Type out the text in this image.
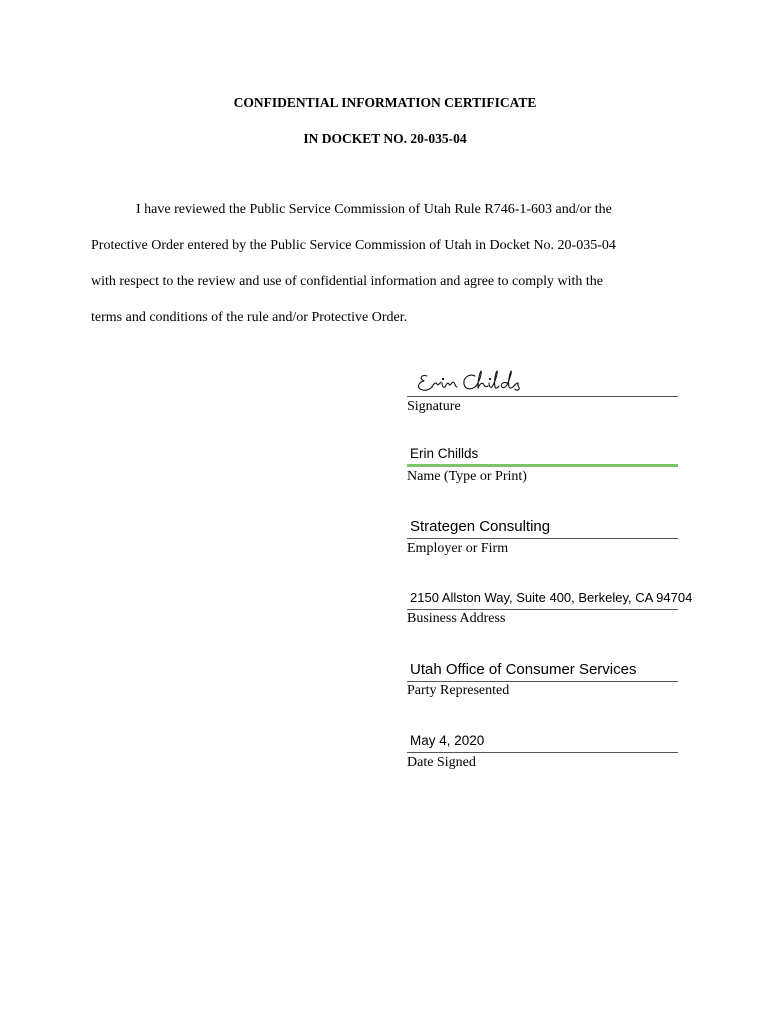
CONFIDENTIAL INFORMATION CERTIFICATE
IN DOCKET NO. 20-035-04
I have reviewed the Public Service Commission of Utah Rule R746-1-603 and/or the
Protective Order entered by the Public Service Commission of Utah in Docket No. 20-035-04
with respect to the review and use of confidential information and agree to comply with the
terms and conditions of the rule and/or Protective Order.
Signature
Erin Chillds
Name (Type or Print)
Strategen Consulting
Employer or Firm
2150 Allston Way, Suite 400, Berkeley, CA 94704
Business Address
Utah Office of Consumer Services
Party Represented
May 4, 2020
Date Signed
